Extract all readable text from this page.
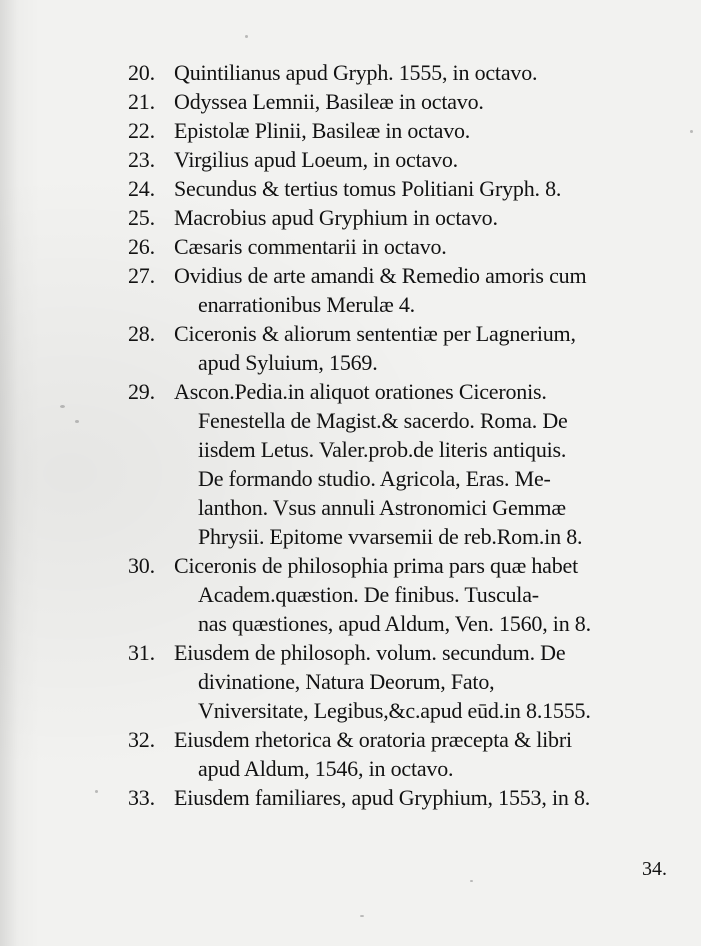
20. Quintilianus apud Gryph. 1555, in octavo.
21. Odyssea Lemnii, Basileæ in octavo.
22. Epistolæ Plinii, Basileæ in octavo.
23. Virgilius apud Loeum, in octavo.
24. Secundus & tertius tomus Politiani Gryph. 8.
25. Macrobius apud Gryphium in octavo.
26. Cæsaris commentarii in octavo.
27. Ovidius de arte amandi & Remedio amoris cum
enarrationibus Merulæ 4.
28. Ciceronis & aliorum sententiæ per Lagnerium,
apud Syluium, 1569.
29. Ascon.Pedia.in aliquot orationes Ciceronis.
Fenestella de Magist.& sacerdo. Roma. De
iisdem Letus. Valer.prob.de literis antiquis.
De formando studio. Agricola, Eras. Me-
lanthon. Vsus annuli Astronomici Gemmæ
Phrysii. Epitome vvarsemii de reb.Rom.in 8.
30. Ciceronis de philosophia prima pars quæ habet
Academ.quæstion. De finibus. Tuscula-
nas quæstiones, apud Aldum, Ven. 1560, in 8.
31. Eiusdem de philosoph. volum. secundum. De
divinatione, Natura Deorum, Fato,
Vniversitate, Legibus,&c.apud eūd.in 8.1555.
32. Eiusdem rhetorica & oratoria præcepta & libri
apud Aldum, 1546, in octavo.
33. Eiusdem familiares, apud Gryphium, 1553, in 8.
34.
